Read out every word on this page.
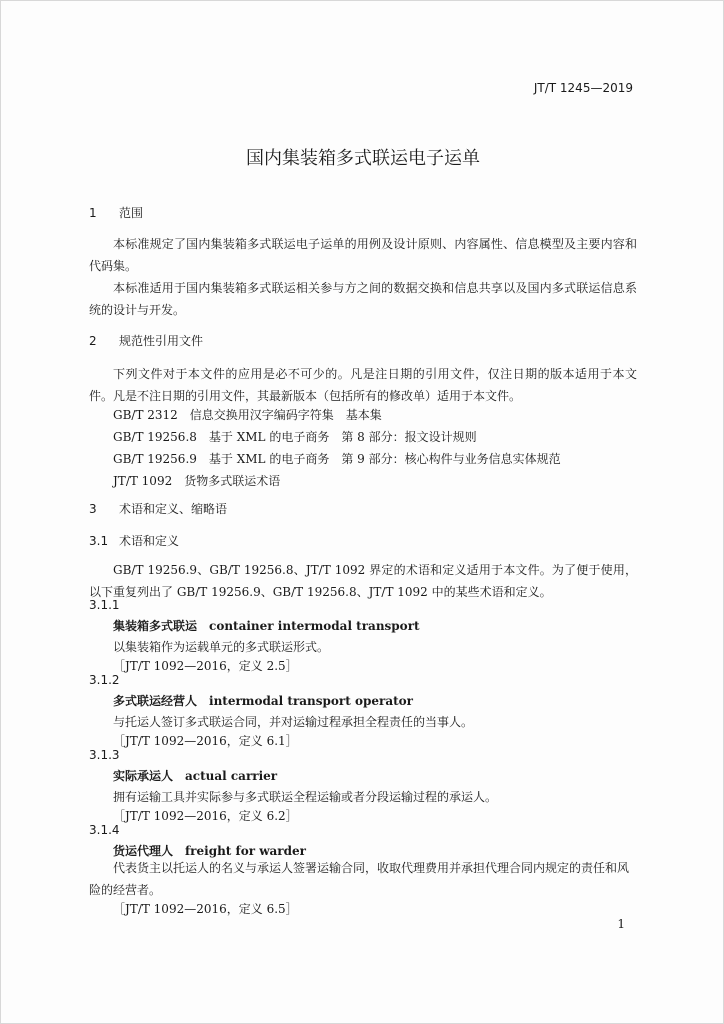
JT/T 1245—2019
国内集装箱多式联运电子运单
1 范围
本标准规定了国内集装箱多式联运电子运单的用例及设计原则、内容属性、信息模型及主要内容和代码集。
本标准适用于国内集装箱多式联运相关参与方之间的数据交换和信息共享以及国内多式联运信息系统的设计与开发。
2 规范性引用文件
下列文件对于本文件的应用是必不可少的。凡是注日期的引用文件，仅注日期的版本适用于本文件。凡是不注日期的引用文件，其最新版本（包括所有的修改单）适用于本文件。
GB/T 2312　信息交换用汉字编码字符集　基本集
GB/T 19256.8　基于 XML 的电子商务　第 8 部分：报文设计规则
GB/T 19256.9　基于 XML 的电子商务　第 9 部分：核心构件与业务信息实体规范
JT/T 1092　货物多式联运术语
3 术语和定义、缩略语
3.1 术语和定义
GB/T 19256.9、GB/T 19256.8、JT/T 1092 界定的术语和定义适用于本文件。为了便于使用，以下重复列出了 GB/T 19256.9、GB/T 19256.8、JT/T 1092 中的某些术语和定义。
3.1.1
集装箱多式联运 container intermodal transport
以集装箱作为运载单元的多式联运形式。
［JT/T 1092—2016，定义 2.5］
3.1.2
多式联运经营人 intermodal transport operator
与托运人签订多式联运合同，并对运输过程承担全程责任的当事人。
［JT/T 1092—2016，定义 6.1］
3.1.3
实际承运人 actual carrier
拥有运输工具并实际参与多式联运全程运输或者分段运输过程的承运人。
［JT/T 1092—2016，定义 6.2］
3.1.4
货运代理人 freight for warder
代表货主以托运人的名义与承运人签署运输合同，收取代理费用并承担代理合同内规定的责任和风险的经营者。
［JT/T 1092—2016，定义 6.5］
1
